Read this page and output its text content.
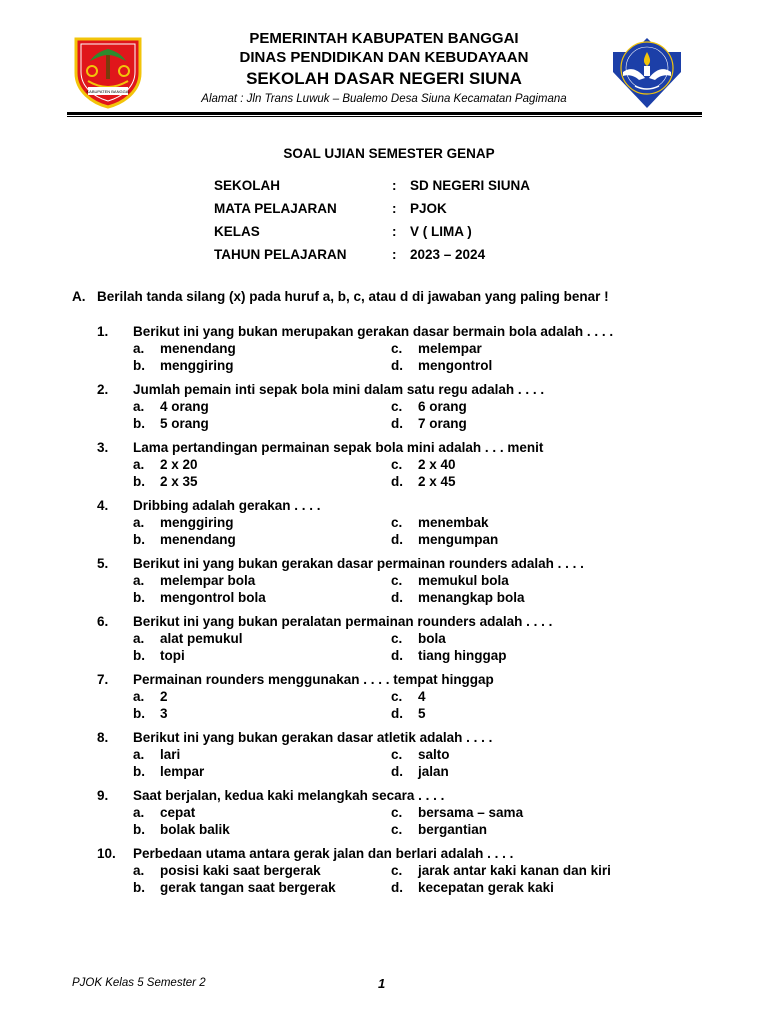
KABUPATEN BANGGAI
PEMERINTAH KABUPATEN BANGGAI
DINAS PENDIDIKAN DAN KEBUDAYAAN
SEKOLAH DASAR NEGERI SIUNA
Alamat : Jln Trans Luwuk – Bualemo Desa Siuna Kecamatan Pagimana
SOAL UJIAN SEMESTER GENAP
SEKOLAH	:	SD NEGERI SIUNA
MATA PELAJARAN	:	PJOK
KELAS	:	V ( LIMA )
TAHUN PELAJARAN	:	2023 – 2024
A. Berilah tanda silang (x) pada huruf a, b, c, atau d di jawaban yang paling benar !
1.	Berikut ini yang bukan merupakan gerakan dasar bermain bola adalah . . . .
a.	menendang	c.	melempar
b.	menggiring	d.	mengontrol
2.	Jumlah pemain inti sepak bola mini dalam satu regu adalah . . . .
a.	4 orang	c.	6 orang
b.	5 orang	d.	7 orang
3.	Lama pertandingan permainan sepak bola mini adalah . . . menit
a.	2 x 20	c.	2 x 40
b.	2 x 35	d.	2 x 45
4.	Dribbing adalah gerakan . . . .
a.	menggiring	c.	menembak
b.	menendang	d.	mengumpan
5.	Berikut ini yang bukan gerakan dasar permainan rounders adalah . . . .
a.	melempar bola	c.	memukul bola
b.	mengontrol bola	d.	menangkap bola
6.	Berikut ini yang bukan peralatan permainan rounders adalah . . . .
a.	alat pemukul	c.	bola
b.	topi	d.	tiang hinggap
7.	Permainan rounders menggunakan . . . . tempat hinggap
a.	2	c.	4
b.	3	d.	5
8.	Berikut ini yang bukan gerakan dasar atletik adalah . . . .
a.	lari	c.	salto
b.	lempar	d.	jalan
9.	Saat berjalan, kedua kaki melangkah secara . . . .
a.	cepat	c.	bersama – sama
b.	bolak balik	c.	bergantian
10.	Perbedaan utama antara gerak jalan dan berlari adalah . . . .
a.	posisi kaki saat bergerak	c.	jarak antar kaki kanan dan kiri
b.	gerak tangan saat bergerak	d.	kecepatan gerak kaki
PJOK Kelas 5 Semester 2	1
